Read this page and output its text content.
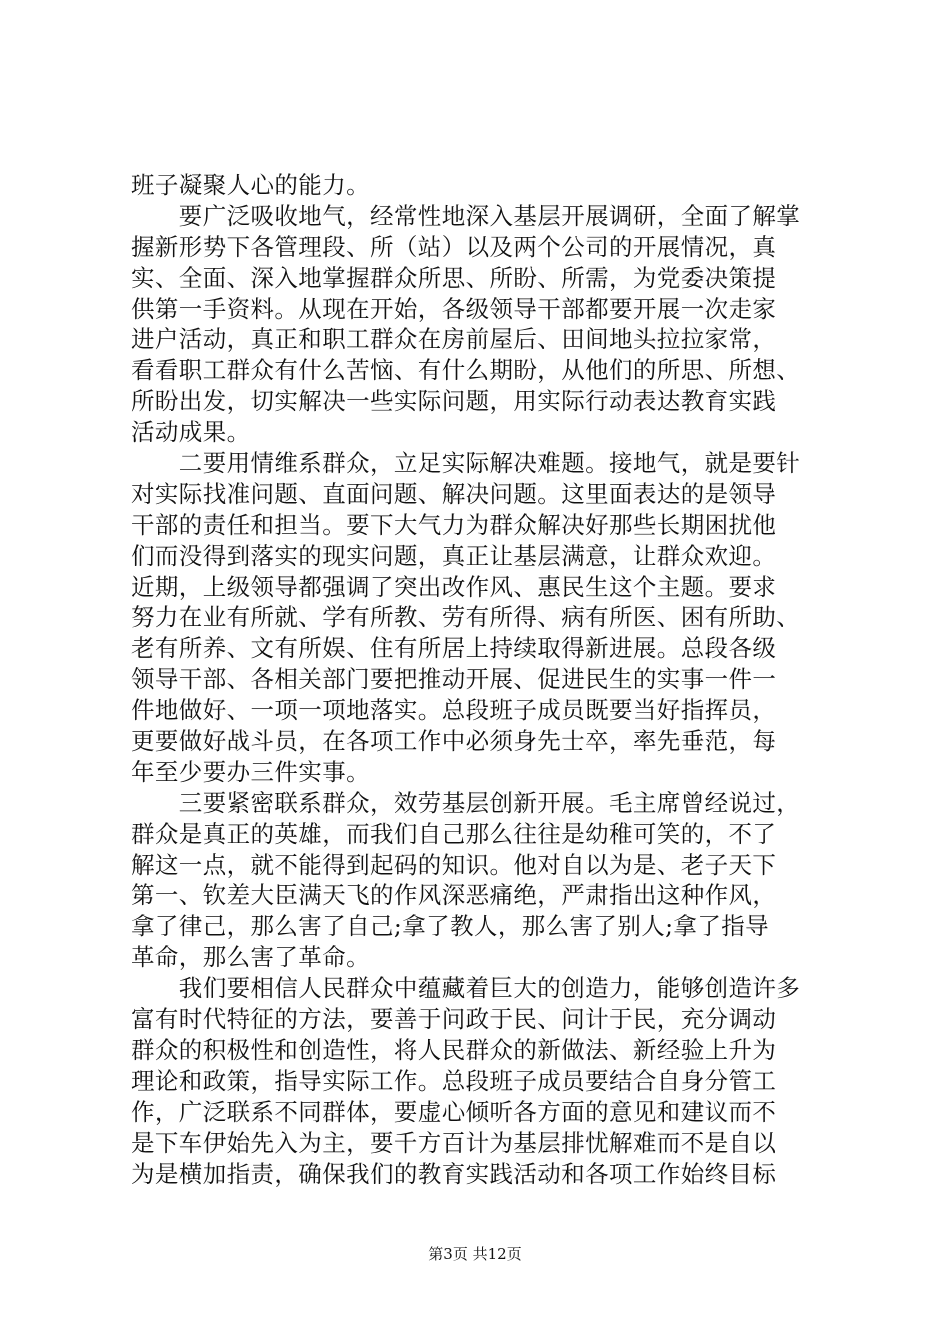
班子凝聚人心的能力。
　　要广泛吸收地气，经常性地深入基层开展调研，全面了解掌
握新形势下各管理段、所（站）以及两个公司的开展情况，真
实、全面、深入地掌握群众所思、所盼、所需，为党委决策提
供第一手资料。从现在开始，各级领导干部都要开展一次走家
进户活动，真正和职工群众在房前屋后、田间地头拉拉家常，
看看职工群众有什么苦恼、有什么期盼，从他们的所思、所想、
所盼出发，切实解决一些实际问题，用实际行动表达教育实践
活动成果。
　　二要用情维系群众，立足实际解决难题。接地气，就是要针
对实际找准问题、直面问题、解决问题。这里面表达的是领导
干部的责任和担当。要下大气力为群众解决好那些长期困扰他
们而没得到落实的现实问题，真正让基层满意，让群众欢迎。
近期，上级领导都强调了突出改作风、惠民生这个主题。要求
努力在业有所就、学有所教、劳有所得、病有所医、困有所助、
老有所养、文有所娱、住有所居上持续取得新进展。总段各级
领导干部、各相关部门要把推动开展、促进民生的实事一件一
件地做好、一项一项地落实。总段班子成员既要当好指挥员，
更要做好战斗员，在各项工作中必须身先士卒，率先垂范，每
年至少要办三件实事。
　　三要紧密联系群众，效劳基层创新开展。毛主席曾经说过，
群众是真正的英雄，而我们自己那么往往是幼稚可笑的，不了
解这一点，就不能得到起码的知识。他对自以为是、老子天下
第一、钦差大臣满天飞的作风深恶痛绝，严肃指出这种作风，
拿了律己，那么害了自己;拿了教人，那么害了别人;拿了指导
革命，那么害了革命。
　　我们要相信人民群众中蕴藏着巨大的创造力，能够创造许多
富有时代特征的方法，要善于问政于民、问计于民，充分调动
群众的积极性和创造性，将人民群众的新做法、新经验上升为
理论和政策，指导实际工作。总段班子成员要结合自身分管工
作，广泛联系不同群体，要虚心倾听各方面的意见和建议而不
是下车伊始先入为主，要千方百计为基层排忧解难而不是自以
为是横加指责，确保我们的教育实践活动和各项工作始终目标
第3页 共12页
